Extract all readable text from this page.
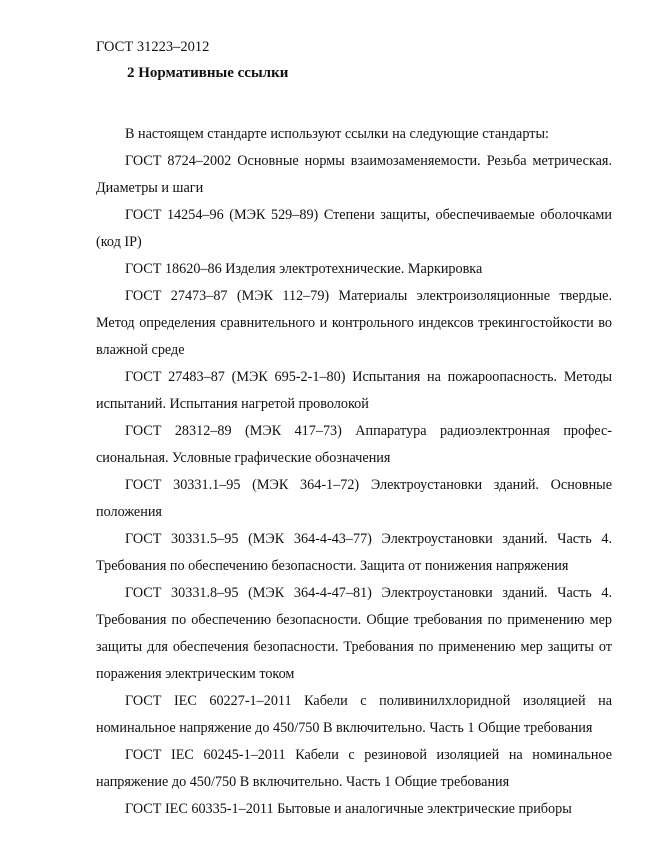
ГОСТ 31223–2012

2 Нормативные ссылки

В настоящем стандарте используют ссылки на следующие стандарты:

ГОСТ 8724–2002 Основные нормы взаимозаменяемости. Резьба метрическая. Диаметры и шаги

ГОСТ 14254–96 (МЭК 529–89) Степени защиты, обеспечиваемые оболочками (код IP)

ГОСТ 18620–86 Изделия электротехнические. Маркировка

ГОСТ 27473–87 (МЭК 112–79) Материалы электроизоляционные твердые. Метод определения сравнительного и контрольного индексов трекингостойкости во влажной среде

ГОСТ 27483–87 (МЭК 695-2-1–80) Испытания на пожароопасность. Методы испытаний. Испытания нагретой проволокой

ГОСТ 28312–89 (МЭК 417–73) Аппаратура радиоэлектронная профессиональная. Условные графические обозначения

ГОСТ 30331.1–95 (МЭК 364-1–72) Электроустановки зданий. Основные положения

ГОСТ 30331.5–95 (МЭК 364-4-43–77) Электроустановки зданий. Часть 4. Требования по обеспечению безопасности. Защита от понижения напряжения

ГОСТ 30331.8–95 (МЭК 364-4-47–81) Электроустановки зданий. Часть 4. Требования по обеспечению безопасности. Общие требования по применению мер защиты для обеспечения безопасности. Требования по применению мер защиты от поражения электрическим током

ГОСТ IEC 60227-1–2011 Кабели с поливинилхлоридной изоляцией на номинальное напряжение до 450/750 В включительно. Часть 1 Общие требования

ГОСТ IEC 60245-1–2011 Кабели с резиновой изоляцией на номинальное напряжение до 450/750 В включительно. Часть 1 Общие требования

ГОСТ IEC 60335-1–2011 Бытовые и аналогичные электрические приборы
